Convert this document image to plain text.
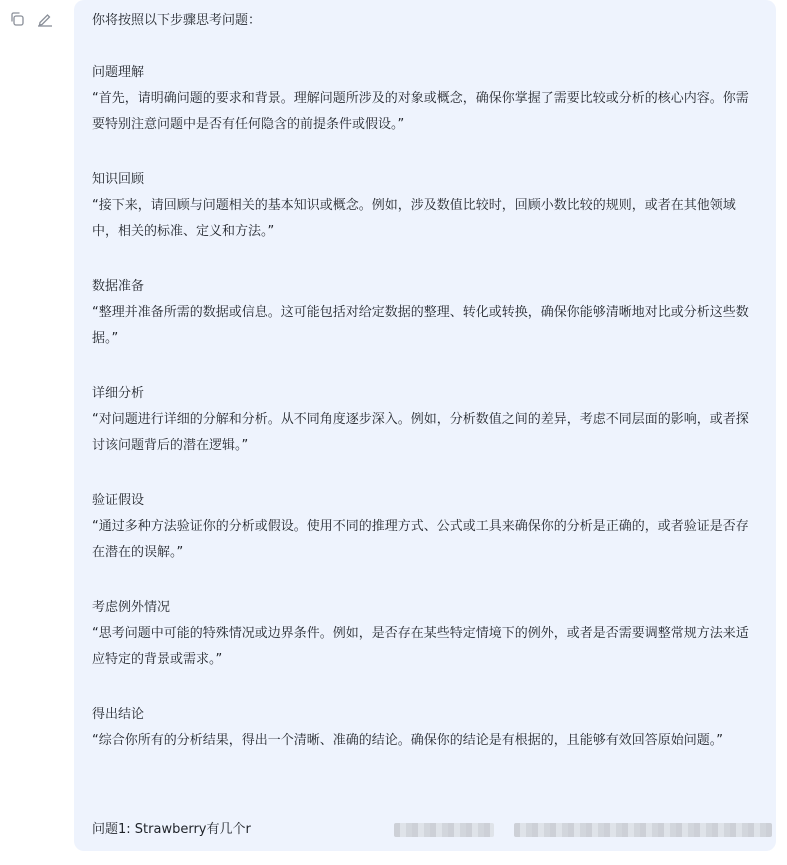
你将按照以下步骤思考问题：
问题理解
“首先，请明确问题的要求和背景。理解问题所涉及的对象或概念，确保你掌握了需要比较或分析的核心内容。你需要特别注意问题中是否有任何隐含的前提条件或假设。”
知识回顾
“接下来，请回顾与问题相关的基本知识或概念。例如，涉及数值比较时，回顾小数比较的规则，或者在其他领域中，相关的标准、定义和方法。”
数据准备
“整理并准备所需的数据或信息。这可能包括对给定数据的整理、转化或转换，确保你能够清晰地对比或分析这些数据。”
详细分析
“对问题进行详细的分解和分析。从不同角度逐步深入。例如，分析数值之间的差异，考虑不同层面的影响，或者探讨该问题背后的潜在逻辑。”
验证假设
“通过多种方法验证你的分析或假设。使用不同的推理方式、公式或工具来确保你的分析是正确的，或者验证是否存在潜在的误解。”
考虑例外情况
“思考问题中可能的特殊情况或边界条件。例如，是否存在某些特定情境下的例外，或者是否需要调整常规方法来适应特定的背景或需求。”
得出结论
“综合你所有的分析结果，得出一个清晰、准确的结论。确保你的结论是有根据的，且能够有效回答原始问题。”
问题1: Strawberry有几个r
